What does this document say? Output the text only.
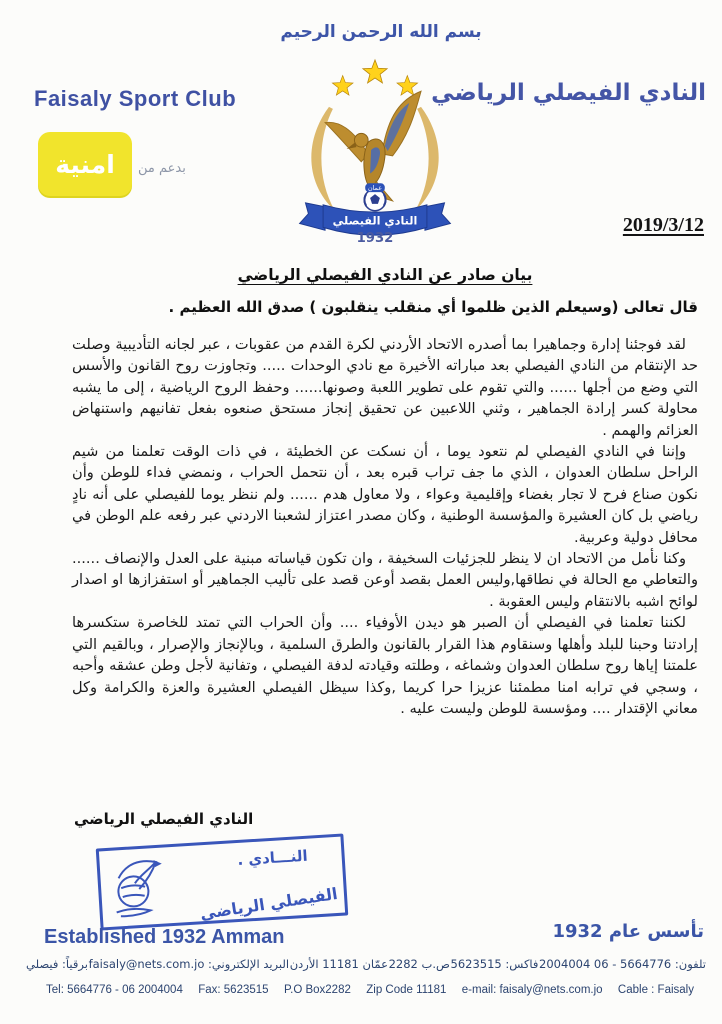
بسم الله الرحمن الرحيم
Faisaly Sport Club	النادي الفيصلي الرياضي
امنية بدعم من
عمان
النادي الفيصلي
1932
2019/3/12
بيان صادر عن النادي الفيصلي الرياضي
قال تعالى (وسيعلم الذين ظلموا أي منقلب ينقلبون ) صدق الله العظيم .

لقد فوجئنا إدارة وجماهيرا بما أصدره الاتحاد الأردني لكرة القدم من عقوبات ، عبر لجانه التأديبية وصلت حد الإنتقام من النادي الفيصلي بعد مباراته الأخيرة مع نادي الوحدات ..... وتجاوزت روح القانون والأسس التي وضع من أجلها ...... والتي تقوم على تطوير اللعبة وصونها...... وحفظ الروح الرياضية ، إلى ما يشبه محاولة كسر إرادة الجماهير ، وثني اللاعبين عن تحقيق إنجاز مستحق صنعوه بفعل تفانيهم واستنهاض العزائم والهمم .

وإننا في النادي الفيصلي لم نتعود يوما ، أن نسكت عن الخطيئة ، في ذات الوقت تعلمنا من شيم الراحل سلطان العدوان ، الذي ما جف تراب قبره بعد ، أن نتحمل الحراب ، ونمضي فداء للوطن وأن نكون صناع فرح لا تجار بغضاء وإقليمية وعواء ، ولا معاول هدم ...... ولم ننظر يوما للفيصلي على أنه نادٍ رياضي بل كان العشيرة والمؤسسة الوطنية ، وكان مصدر اعتزاز لشعبنا الاردني عبر رفعه علم الوطن في محافل دولية وعربية.

وكنا نأمل من الاتحاد ان لا ينظر للجزئيات السخيفة ، وان تكون قياساته مبنية على العدل والإنصاف ...... والتعاطي مع الحالة في نطاقها,وليس العمل بقصد أوعن قصد على تأليب الجماهير أو استفزازها او اصدار لوائح اشبه بالانتقام وليس العقوبة .

لكننا تعلمنا في الفيصلي أن الصبر هو ديدن الأوفياء .... وأن الحراب التي تمتد للخاصرة ستكسرها إرادتنا وحبنا للبلد وأهلها وسنقاوم هذا القرار بالقانون والطرق السلمية ، وبالإنجاز والإصرار ، وبالقيم التي علمتنا إياها روح سلطان العدوان وشماغه ، وطلته وقيادته لدفة الفيصلي ، وتفانية لأجل وطن عشقه وأحبه ، وسجي في ترابه امنا مطمئنا عزيزا حرا كريما ,وكذا سيظل الفيصلي العشيرة والعزة والكرامة وكل معاني الإقتدار .... ومؤسسة للوطن وليست عليه .

النادي الفيصلي الرياضي
النـــادي .
الفيصلي الرياضي
Established 1932 Amman	تأسس عام 1932
تلفون: 5664776 - 06 2004004
فاكس: 5623515
ص.ب 2282
عمّان 11181 الأردن
البريد الإلكتروني: faisaly@nets.com.jo
برقياً: فيصلي
Tel: 5664776 - 06 2004004 Fax: 5623515 P.O Box2282 Zip Code 11181 e-mail: faisaly@nets.com.jo Cable : Faisaly
